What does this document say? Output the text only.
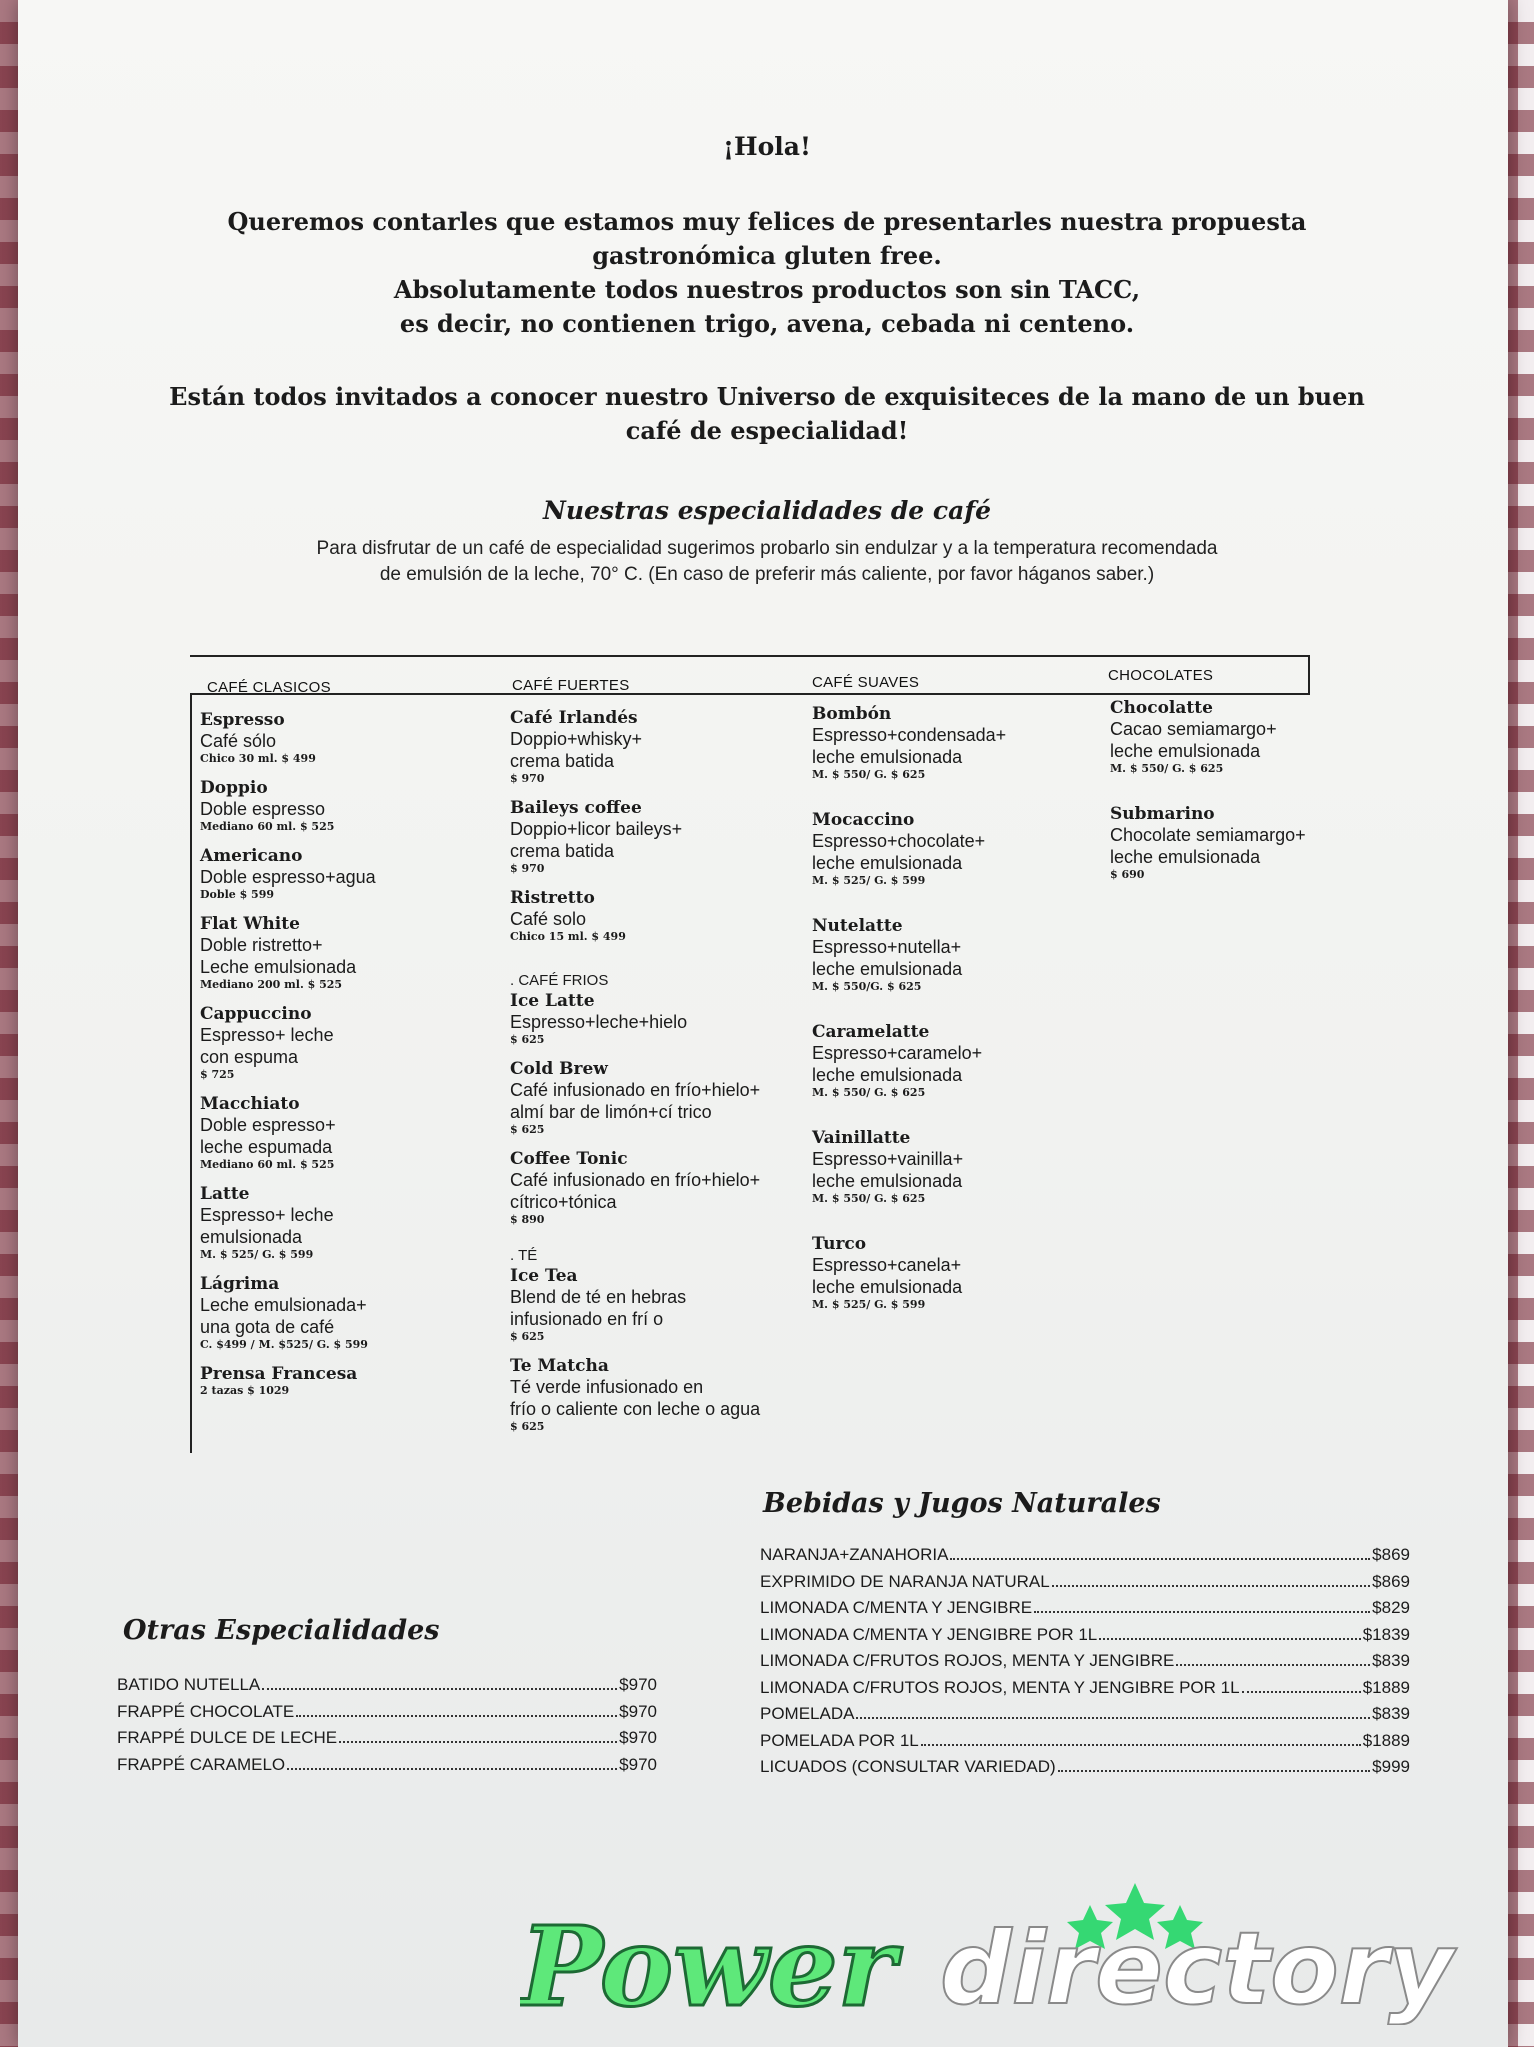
¡Hola!
Queremos contarles que estamos muy felices de presentarles nuestra propuesta
gastronómica gluten free.
Absolutamente todos nuestros productos son sin TACC,
es decir, no contienen trigo, avena, cebada ni centeno.
Están todos invitados a conocer nuestro Universo de exquisiteces de la mano de un buen
café de especialidad!
Nuestras especialidades de café
Para disfrutar de un café de especialidad sugerimos probarlo sin endulzar y a la temperatura recomendada
de emulsión de la leche, 70° C. (En caso de preferir más caliente, por favor háganos saber.)
CAFÉ CLASICOS	CAFÉ FUERTES	CAFÉ SUAVES	CHOCOLATES
Espresso
Café sólo
Chico 30 ml. $ 499
Doppio
Doble espresso
Mediano 60 ml. $ 525
Americano
Doble espresso+agua
Doble $ 599
Flat White
Doble ristretto+
Leche emulsionada
Mediano 200 ml. $ 525
Cappuccino
Espresso+ leche
con espuma
$ 725
Macchiato
Doble espresso+
leche espumada
Mediano 60 ml. $ 525
Latte
Espresso+ leche
emulsionada
M. $ 525/ G. $ 599
Lágrima
Leche emulsionada+
una gota de café
C. $499 / M. $525/ G. $ 599
Prensa Francesa
2 tazas $ 1029
Café Irlandés
Doppio+whisky+
crema batida
$ 970
Baileys coffee
Doppio+licor baileys+
crema batida
$ 970
Ristretto
Café solo
Chico 15 ml. $ 499
. CAFÉ FRIOS
Ice Latte
Espresso+leche+hielo
$ 625
Cold Brew
Café infusionado en frío+hielo+
almí bar de limón+cí trico
$ 625
Coffee Tonic
Café infusionado en frío+hielo+
cítrico+tónica
$ 890
. TÉ
Ice Tea
Blend de té en hebras
infusionado en frí o
$ 625
Te Matcha
Té verde infusionado en
frío o caliente con leche o agua
$ 625
Bombón
Espresso+condensada+
leche emulsionada
M. $ 550/ G. $ 625
Mocaccino
Espresso+chocolate+
leche emulsionada
M. $ 525/ G. $ 599
Nutelatte
Espresso+nutella+
leche emulsionada
M. $ 550/G. $ 625
Caramelatte
Espresso+caramelo+
leche emulsionada
M. $ 550/ G. $ 625
Vainillatte
Espresso+vainilla+
leche emulsionada
M. $ 550/ G. $ 625
Turco
Espresso+canela+
leche emulsionada
M. $ 525/ G. $ 599
Chocolatte
Cacao semiamargo+
leche emulsionada
M. $ 550/ G. $ 625
Submarino
Chocolate semiamargo+
leche emulsionada
$ 690
Otras Especialidades
BATIDO NUTELLA	$970
FRAPPÉ CHOCOLATE	$970
FRAPPÉ DULCE DE LECHE	$970
FRAPPÉ CARAMELO	$970
Bebidas y Jugos Naturales
NARANJA+ZANAHORIA	$869
EXPRIMIDO DE NARANJA NATURAL	$869
LIMONADA C/MENTA Y JENGIBRE	$829
LIMONADA C/MENTA Y JENGIBRE POR 1L	$1839
LIMONADA C/FRUTOS ROJOS, MENTA Y JENGIBRE	$839
LIMONADA C/FRUTOS ROJOS, MENTA Y JENGIBRE POR 1L	$1889
POMELADA	$839
POMELADA POR 1L	$1889
LICUADOS (CONSULTAR VARIEDAD)	$999
Power directory
